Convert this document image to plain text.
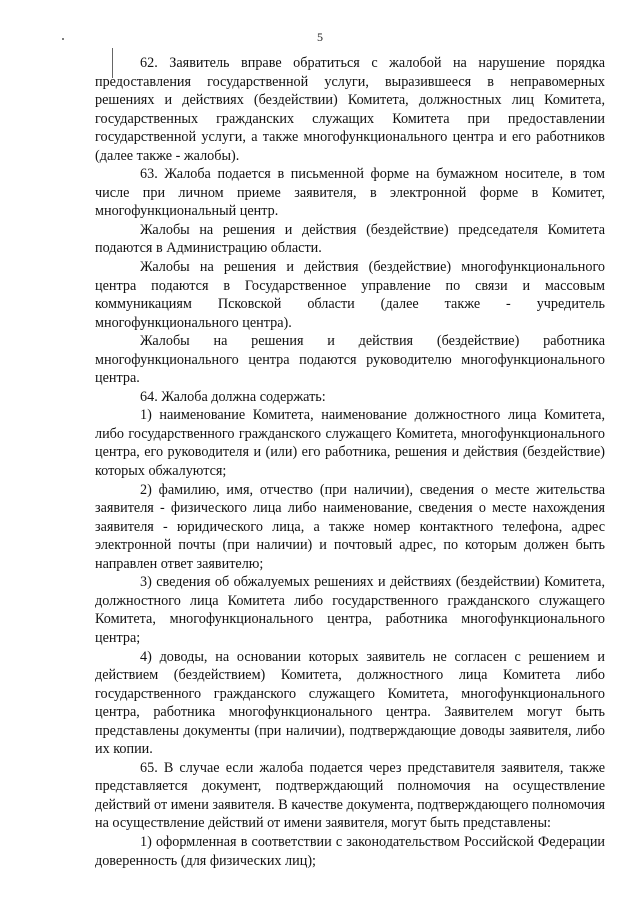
5

62. Заявитель вправе обратиться с жалобой на нарушение порядка предоставления государственной услуги, выразившееся в неправомерных решениях и действиях (бездействии) Комитета, должностных лиц Комитета, государственных гражданских служащих Комитета при предоставлении государственной услуги, а также многофункционального центра и его работников (далее также - жалобы).

63. Жалоба подается в письменной форме на бумажном носителе, в том числе при личном приеме заявителя, в электронной форме в Комитет, многофункциональный центр.

Жалобы на решения и действия (бездействие) председателя Комитета подаются в Администрацию области.

Жалобы на решения и действия (бездействие) многофункционального центра подаются в Государственное управление по связи и массовым коммуникациям Псковской области (далее также - учредитель многофункционального центра).

Жалобы на решения и действия (бездействие) работника многофункционального центра подаются руководителю многофункционального центра.

64. Жалоба должна содержать:

1) наименование Комитета, наименование должностного лица Комитета, либо государственного гражданского служащего Комитета, многофункционального центра, его руководителя и (или) его работника, решения и действия (бездействие) которых обжалуются;

2) фамилию, имя, отчество (при наличии), сведения о месте жительства заявителя - физического лица либо наименование, сведения о месте нахождения заявителя - юридического лица, а также номер контактного телефона, адрес электронной почты (при наличии) и почтовый адрес, по которым должен быть направлен ответ заявителю;

3) сведения об обжалуемых решениях и действиях (бездействии) Комитета, должностного лица Комитета либо государственного гражданского служащего Комитета, многофункционального центра, работника многофункционального центра;

4) доводы, на основании которых заявитель не согласен с решением и действием (бездействием) Комитета, должностного лица Комитета либо государственного гражданского служащего Комитета, многофункционального центра, работника многофункционального центра. Заявителем могут быть представлены документы (при наличии), подтверждающие доводы заявителя, либо их копии.

65. В случае если жалоба подается через представителя заявителя, также представляется документ, подтверждающий полномочия на осуществление действий от имени заявителя. В качестве документа, подтверждающего полномочия на осуществление действий от имени заявителя, могут быть представлены:

1) оформленная в соответствии с законодательством Российской Федерации доверенность (для физических лиц);
